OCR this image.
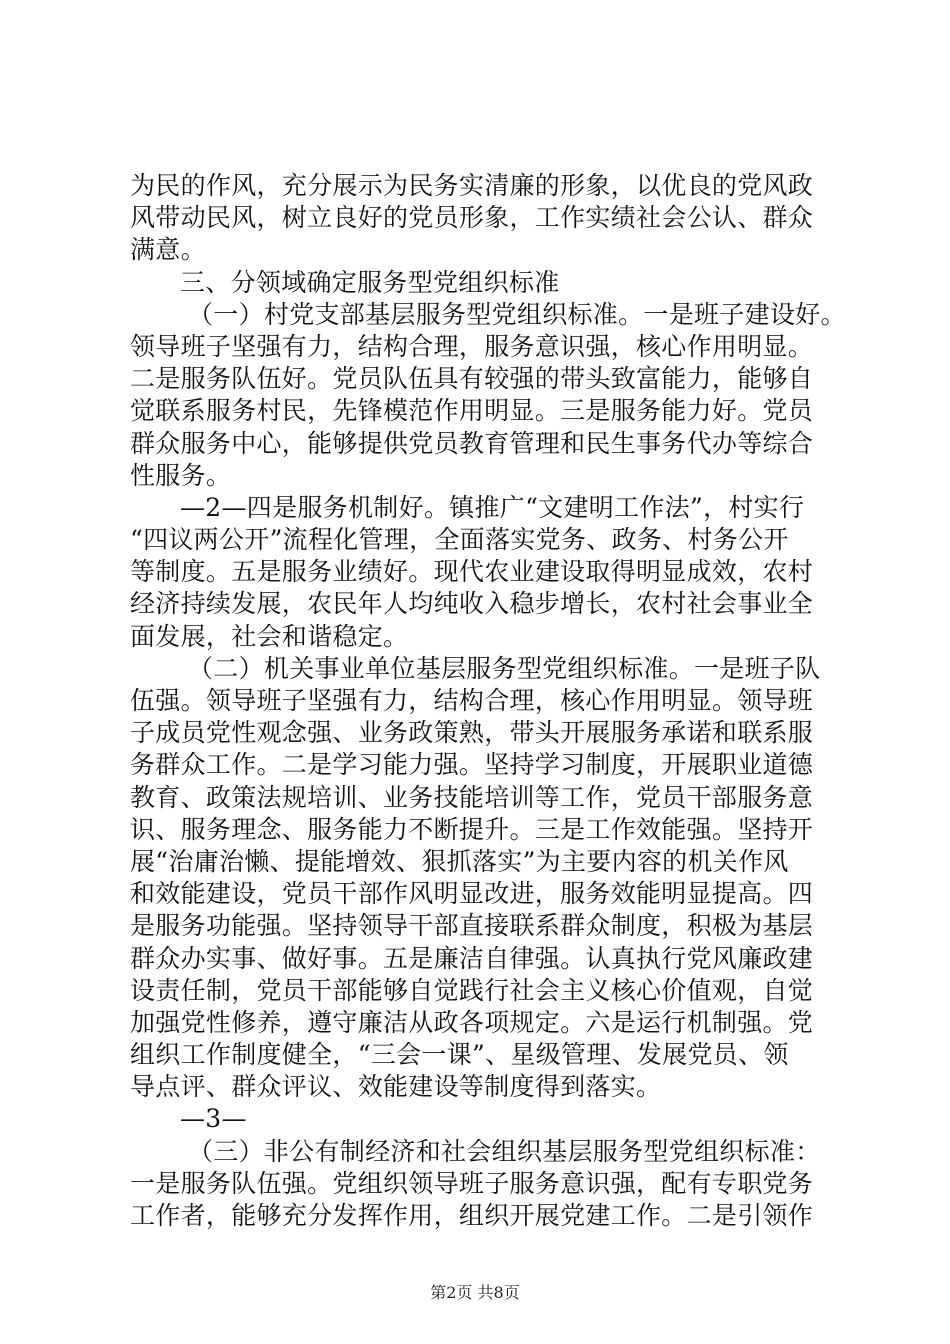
为民的作风，充分展示为民务实清廉的形象，以优良的党风政
风带动民风，树立良好的党员形象，工作实绩社会公认、群众
满意。
三、分领域确定服务型党组织标准
（一）村党支部基层服务型党组织标准。一是班子建设好。
领导班子坚强有力，结构合理，服务意识强，核心作用明显。
二是服务队伍好。党员队伍具有较强的带头致富能力，能够自
觉联系服务村民，先锋模范作用明显。三是服务能力好。党员
群众服务中心，能够提供党员教育管理和民生事务代办等综合
性服务。
—2—四是服务机制好。镇推广“文建明工作法”，村实行
“四议两公开”流程化管理，全面落实党务、政务、村务公开
等制度。五是服务业绩好。现代农业建设取得明显成效，农村
经济持续发展，农民年人均纯收入稳步增长，农村社会事业全
面发展，社会和谐稳定。
（二）机关事业单位基层服务型党组织标准。一是班子队
伍强。领导班子坚强有力，结构合理，核心作用明显。领导班
子成员党性观念强、业务政策熟，带头开展服务承诺和联系服
务群众工作。二是学习能力强。坚持学习制度，开展职业道德
教育、政策法规培训、业务技能培训等工作，党员干部服务意
识、服务理念、服务能力不断提升。三是工作效能强。坚持开
展“治庸治懒、提能增效、狠抓落实”为主要内容的机关作风
和效能建设，党员干部作风明显改进，服务效能明显提高。四
是服务功能强。坚持领导干部直接联系群众制度，积极为基层
群众办实事、做好事。五是廉洁自律强。认真执行党风廉政建
设责任制，党员干部能够自觉践行社会主义核心价值观，自觉
加强党性修养，遵守廉洁从政各项规定。六是运行机制强。党
组织工作制度健全，“三会一课”、星级管理、发展党员、领
导点评、群众评议、效能建设等制度得到落实。
—3—
（三）非公有制经济和社会组织基层服务型党组织标准：
一是服务队伍强。党组织领导班子服务意识强，配有专职党务
工作者，能够充分发挥作用，组织开展党建工作。二是引领作
第2页 共8页
